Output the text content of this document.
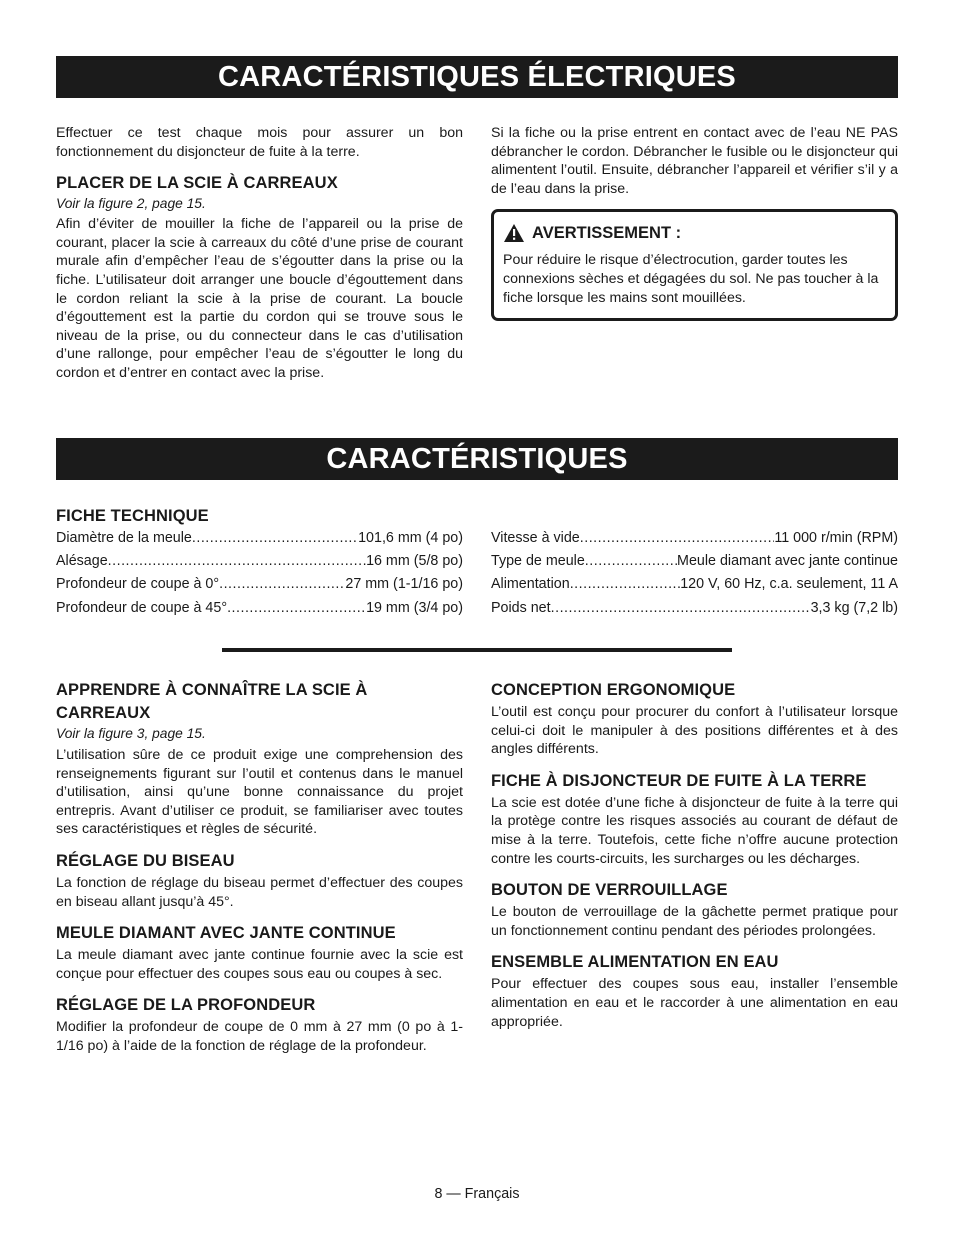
CARACTÉRISTIQUES ÉLECTRIQUES

Effectuer ce test chaque mois pour assurer un bon fonctionnement du disjoncteur de fuite à la terre.

PLACER DE LA SCIE À CARREAUX
Voir la figure 2, page 15.

Afin d’éviter de mouiller la fiche de l’appareil ou la prise de courant, placer la scie à carreaux du côté d’une prise de courant murale afin d’empêcher l’eau de s’égoutter dans la prise ou la fiche. L’utilisateur doit arranger une boucle d’égouttement dans le cordon reliant la scie à la prise de courant. La boucle d’égouttement est la partie du cordon qui se trouve sous le niveau de la prise, ou du connecteur dans le cas d’utilisation d’une rallonge, pour empêcher l’eau de s’égoutter le long du cordon et d’entrer en contact avec la prise.

Si la fiche ou la prise entrent en contact avec de l’eau NE PAS débrancher le cordon. Débrancher le fusible ou le disjoncteur qui alimentent l’outil. Ensuite, débrancher l’appareil et vérifier s’il y a de l’eau dans la prise.

AVERTISSEMENT :

Pour réduire le risque d’électrocution, garder toutes les connexions sèches et dégagées du sol. Ne pas toucher à la fiche lorsque les mains sont mouillées.

CARACTÉRISTIQUES
FICHE TECHNIQUE
Diamètre de la meule .....	101,6 mm (4 po)
Alésage .....	16 mm (5/8 po)
Profondeur de coupe à 0° .....	27 mm (1-1/16 po)
Profondeur de coupe à 45° .....	19 mm (3/4 po)
Vitesse à vide .....	11 000 r/min (RPM)
Type de meule .....	Meule diamant avec jante continue
Alimentation .....	120 V, 60 Hz, c.a. seulement, 11 A
Poids net .....	3,3 kg (7,2 lb)
APPRENDRE À CONNAÎTRE LA SCIE À CARREAUX
Voir la figure 3, page 15.

L’utilisation sûre de ce produit exige une comprehension des renseignements figurant sur l’outil et contenus dans le manuel d’utilisation, ainsi qu’une bonne connaissance du projet entrepris. Avant d’utiliser ce produit, se familiariser avec toutes ses caractéristiques et règles de sécurité.

RÉGLAGE DU BISEAU

La fonction de réglage du biseau permet d’effectuer des coupes en biseau allant jusqu’à 45°.

MEULE DIAMANT AVEC JANTE CONTINUE

La meule diamant avec jante continue fournie avec la scie est conçue pour effectuer des coupes sous eau ou coupes à sec.

RÉGLAGE DE LA PROFONDEUR

Modifier la profondeur de coupe de 0 mm à 27 mm (0 po à 1-1/16 po) à l’aide de la fonction de réglage de la profondeur.

CONCEPTION ERGONOMIQUE

L’outil est conçu pour procurer du confort à l’utilisateur lorsque celui-ci doit le manipuler à des positions différentes et à des angles différents.

FICHE À DISJONCTEUR DE FUITE À LA TERRE

La scie est dotée d’une fiche à disjoncteur de fuite à la terre qui la protège contre les risques associés au courant de défaut de mise à la terre. Toutefois, cette fiche n’offre aucune protection contre les courts-circuits, les surcharges ou les décharges.

BOUTON DE VERROUILLAGE

Le bouton de verrouillage de la gâchette permet pratique pour un fonctionnement continu pendant des périodes prolongées.

ENSEMBLE ALIMENTATION EN EAU

Pour effectuer des coupes sous eau, installer l’ensemble alimentation en eau et le raccorder à une alimentation en eau appropriée.

8 — Français
